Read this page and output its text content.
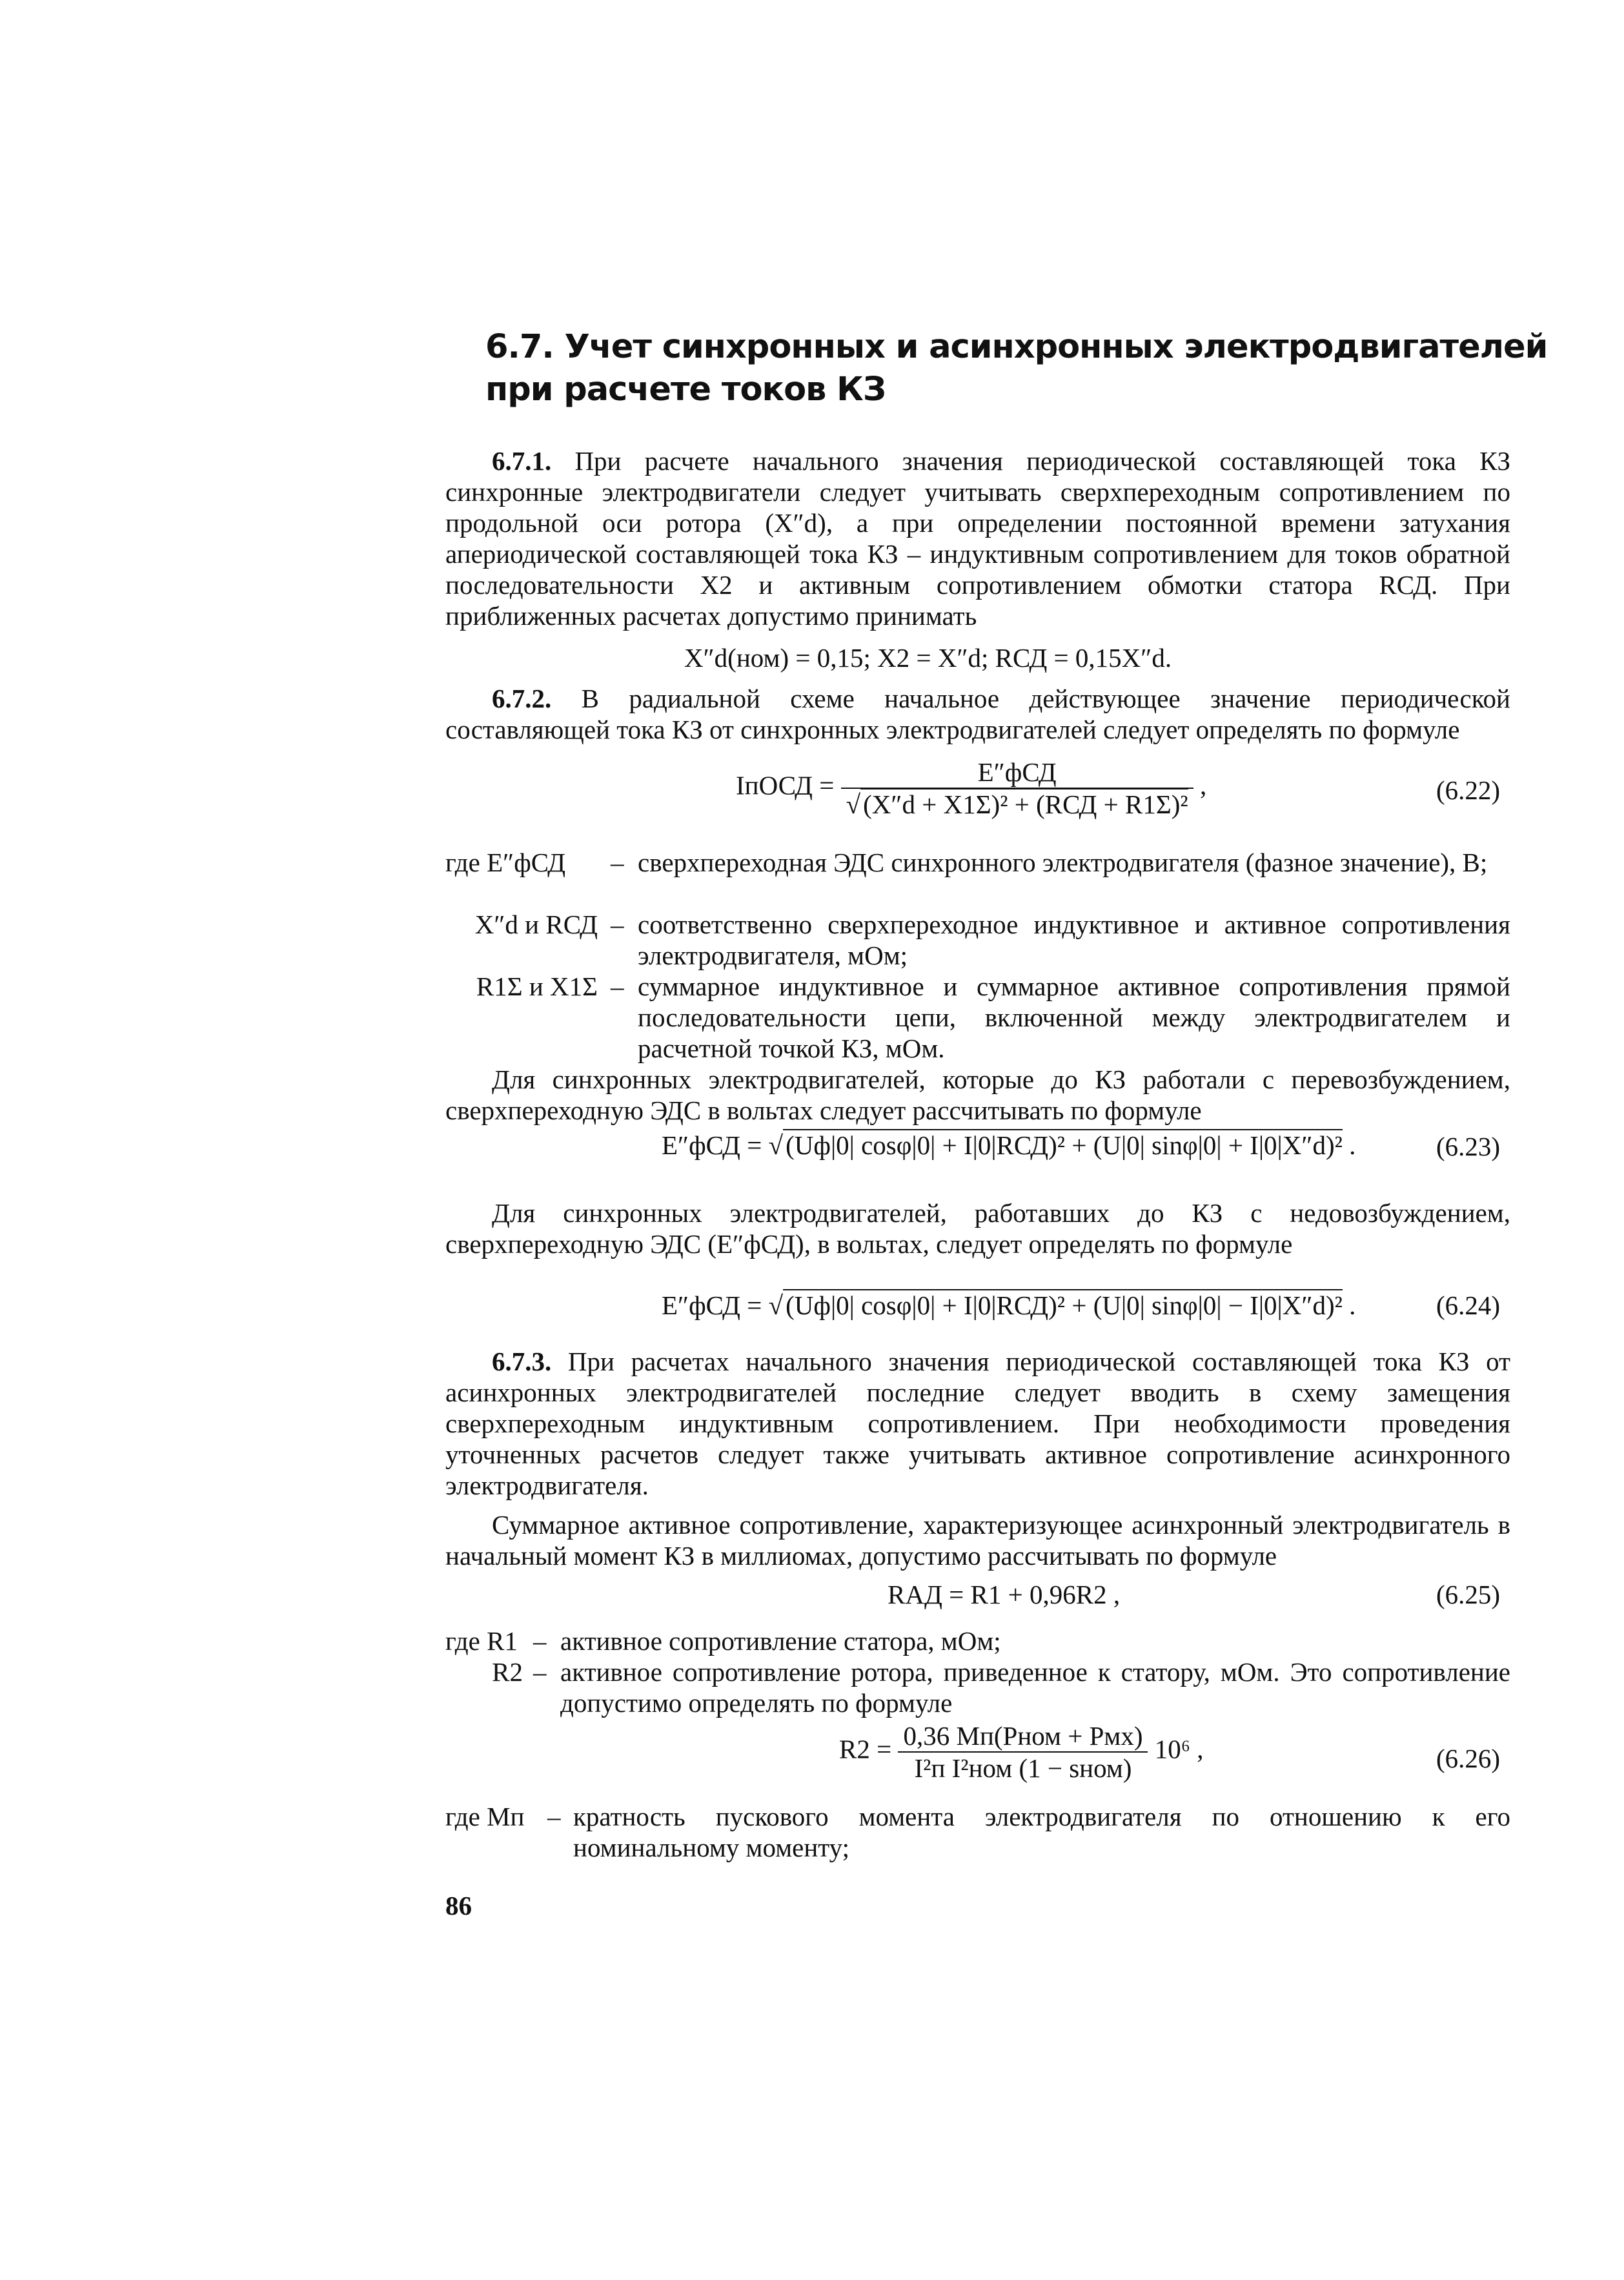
6.7. Учет синхронных и асинхронных электродвигателей
при расчете токов КЗ

6.7.1. При расчете начального значения периодической составляющей тока КЗ синхронные электродвигатели следует учитывать сверхпереходным сопротивлением по продольной оси ротора (X″d), а при определении постоянной времени затухания апериодической составляющей тока КЗ – индуктивным сопротивлением для токов обратной последовательности X2 и активным сопротивлением обмотки статора RСД. При приближенных расчетах допустимо принимать

X″d(ном) = 0,15; X2 = X″d; RСД = 0,15X″d.

6.7.2. В радиальной схеме начальное действующее значение периодической составляющей тока КЗ от синхронных электродвигателей следует определять по формуле

IпОСД = $\frac{\text{E″фСД}}{\text{√(X″d + X1Σ)² + (RСД + R1Σ)²}}$ ,	(6.22)
где E″фСД	– сверхпереходная ЭДС синхронного электродвигателя (фазное значение), В;
X″d и RСД – соответственно сверхпереходное индуктивное и активное сопротивления электродвигателя, мОм;
R1Σ и X1Σ – суммарное индуктивное и суммарное активное сопротивления прямой последовательности цепи, включенной между электродвигателем и расчетной точкой КЗ, мОм.

Для синхронных электродвигателей, которые до КЗ работали с перевозбуждением, сверхпереходную ЭДС в вольтах следует рассчитывать по формуле

E″фСД = √(Uф|0| cosφ|0| + I|0|RСД)² + (U|0| sinφ|0| + I|0|X″d)² .	(6.23)

Для синхронных электродвигателей, работавших до КЗ с недовозбуждением, сверхпереходную ЭДС (E″фСД), в вольтах, следует определять по формуле

E″фСД = √(Uф|0| cosφ|0| + I|0|RСД)² + (U|0| sinφ|0| − I|0|X″d)² .	(6.24)

6.7.3. При расчетах начального значения периодической составляющей тока КЗ от асинхронных электродвигателей последние следует вводить в схему замещения сверхпереходным индуктивным сопротивлением. При необходимости проведения уточненных расчетов следует также учитывать активное сопротивление асинхронного электродвигателя.

Суммарное активное сопротивление, характеризующее асинхронный электродвигатель в начальный момент КЗ в миллиомах, допустимо рассчитывать по формуле

RАД = R1 + 0,96R2 ,	(6.25)
где R1 – активное сопротивление статора, мОм;
R2 – активное сопротивление ротора, приведенное к статору, мОм. Это сопротивление допустимо определять по формуле
$R2 = \frac{\text{0,36 Mп(Pном + Pмх)}}{\text{I²п I²ном (1 − sном)}} 10^6$ ,	(6.26)
где Mп – кратность пускового момента электродвигателя по отношению к его номинальному моменту;
86
